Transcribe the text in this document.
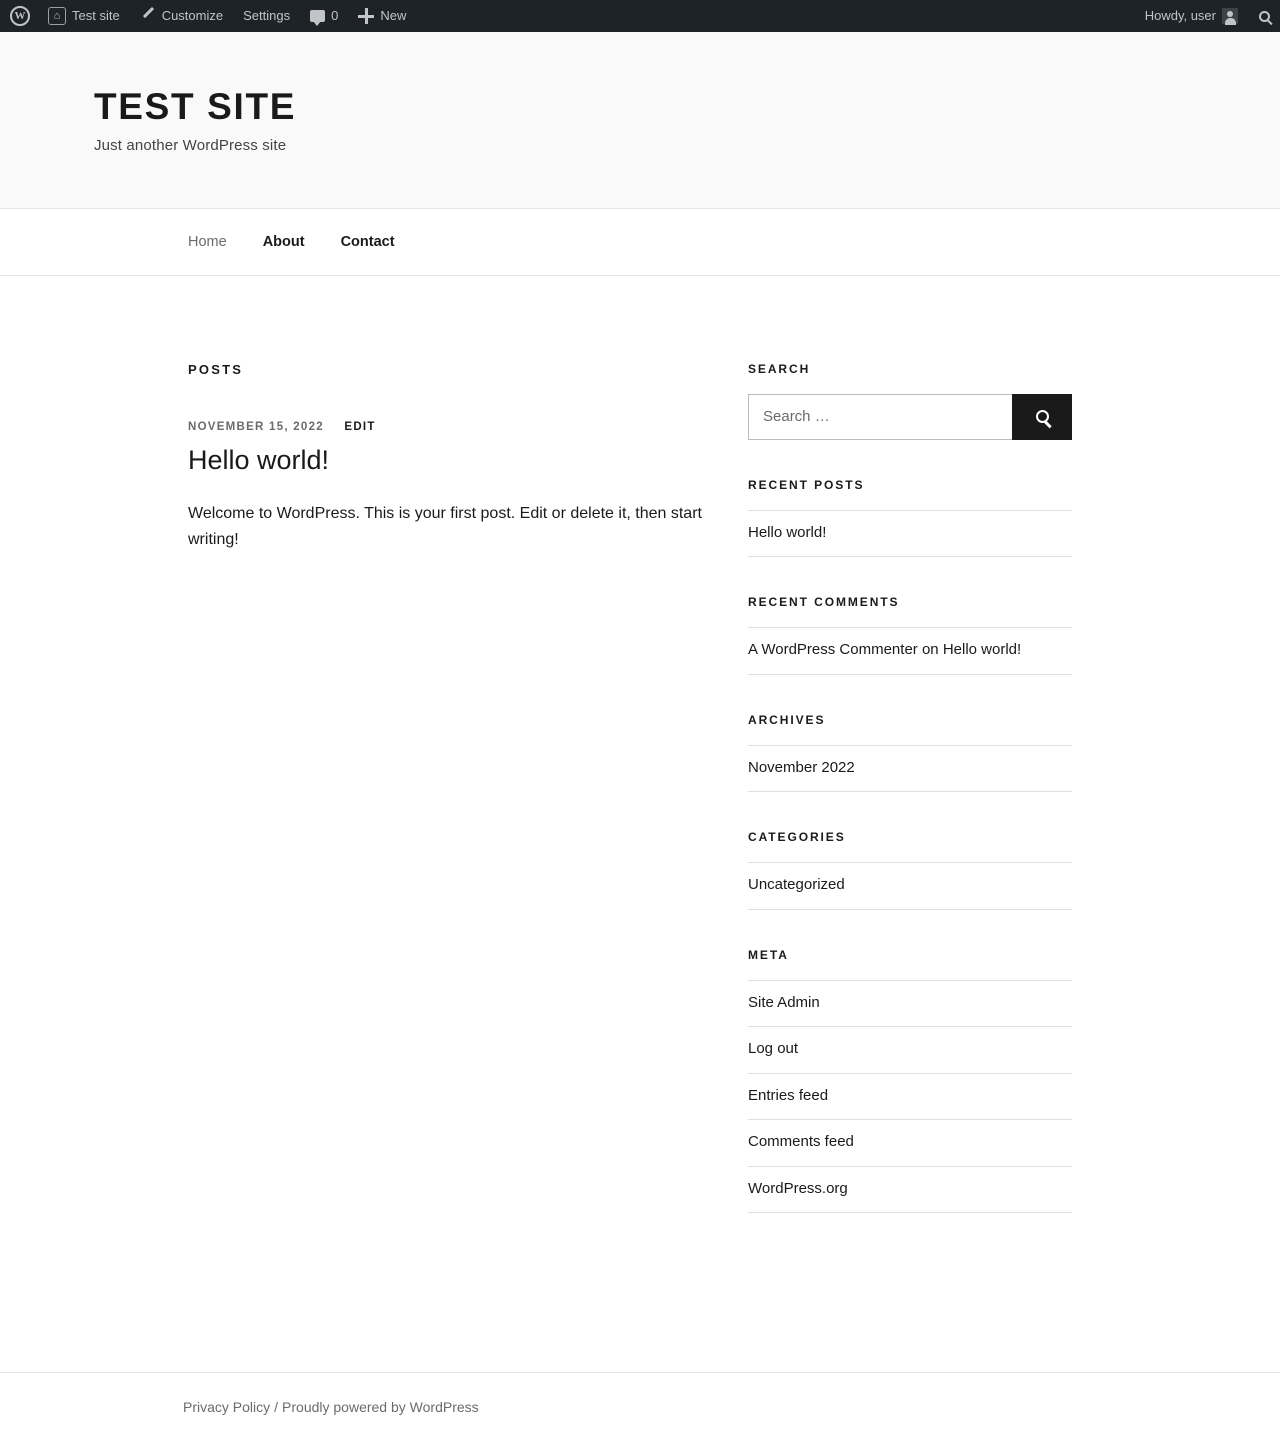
W
⌂ Test site	Customize Settings	0	New	Howdy, user
TEST SITE

Just another WordPress site

Home About Contact
POSTS
NOVEMBER 15, 2022 EDIT
Hello world!

Welcome to WordPress. This is your first post. Edit or delete it, then start writing!

SEARCH
Search …
RECENT POSTS
Hello world!
RECENT COMMENTS
A WordPress Commenter on Hello world!
ARCHIVES
November 2022
CATEGORIES
Uncategorized
META
Site Admin
Log out
Entries feed
Comments feed
WordPress.org
Privacy Policy / Proudly powered by WordPress
